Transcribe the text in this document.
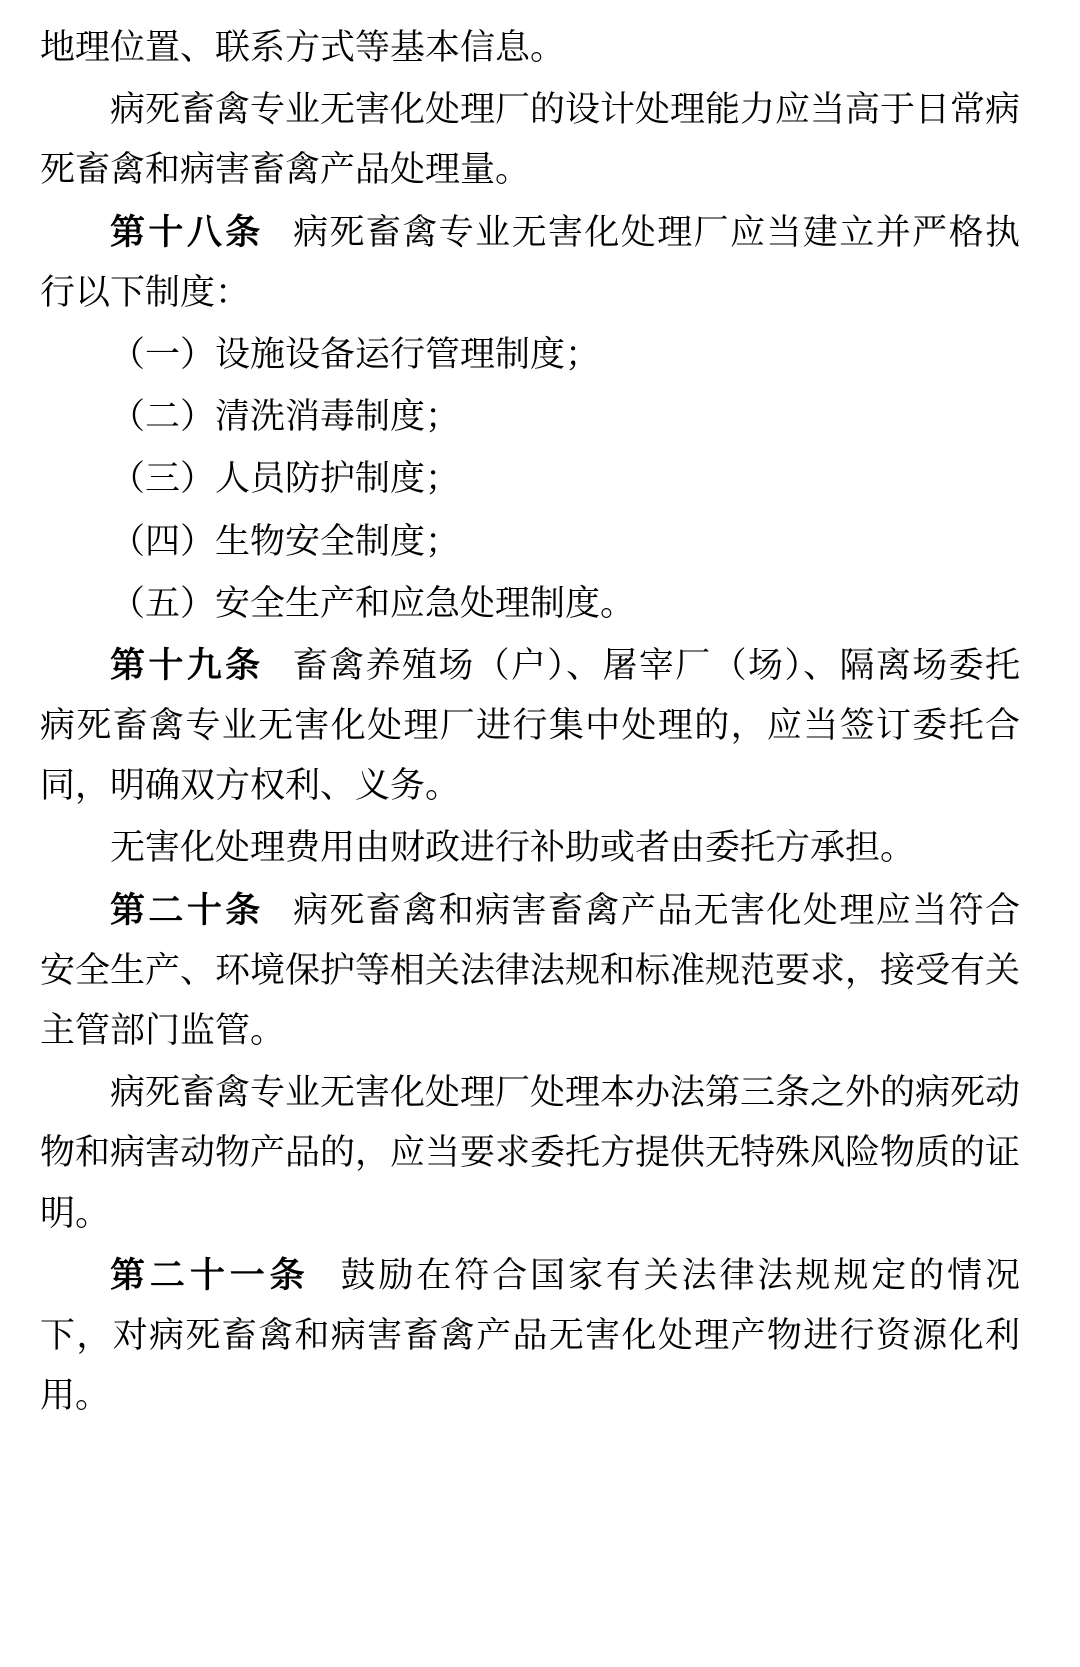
地理位置、联系方式等基本信息。

病死畜禽专业无害化处理厂的设计处理能力应当高于日常病死畜禽和病害畜禽产品处理量。

第十八条 病死畜禽专业无害化处理厂应当建立并严格执行以下制度：

（一）设施设备运行管理制度；

（二）清洗消毒制度；

（三）人员防护制度；

（四）生物安全制度；

（五）安全生产和应急处理制度。

第十九条 畜禽养殖场（户）、屠宰厂（场）、隔离场委托病死畜禽专业无害化处理厂进行集中处理的，应当签订委托合同，明确双方权利、义务。

无害化处理费用由财政进行补助或者由委托方承担。

第二十条 病死畜禽和病害畜禽产品无害化处理应当符合安全生产、环境保护等相关法律法规和标准规范要求，接受有关主管部门监管。

病死畜禽专业无害化处理厂处理本办法第三条之外的病死动物和病害动物产品的，应当要求委托方提供无特殊风险物质的证明。

第二十一条 鼓励在符合国家有关法律法规规定的情况下，对病死畜禽和病害畜禽产品无害化处理产物进行资源化利用。
